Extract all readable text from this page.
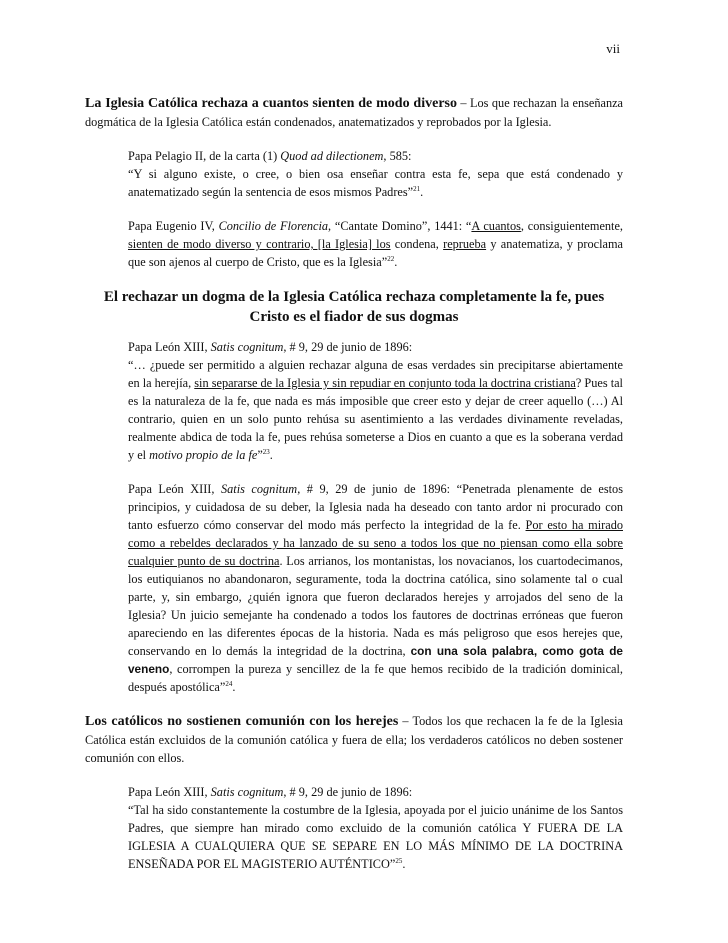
vii
La Iglesia Católica rechaza a cuantos sienten de modo diverso – Los que rechazan la enseñanza dogmática de la Iglesia Católica están condenados, anatematizados y reprobados por la Iglesia.
Papa Pelagio II, de la carta (1) Quod ad dilectionem, 585:
“Y si alguno existe, o cree, o bien osa enseñar contra esta fe, sepa que está condenado y anatematizado según la sentencia de esos mismos Padres”$^{21}$.
Papa Eugenio IV, Concilio de Florencia, “Cantate Domino”, 1441: “A cuantos, consiguientemente, sienten de modo diverso y contrario, [la Iglesia] los condena, reprueba y anatematiza, y proclama que son ajenos al cuerpo de Cristo, que es la Iglesia”$^{22}$.
El rechazar un dogma de la Iglesia Católica rechaza completamente la fe, pues
Cristo es el fiador de sus dogmas
Papa León XIII, Satis cognitum, # 9, 29 de junio de 1896:
“… ¿puede ser permitido a alguien rechazar alguna de esas verdades sin precipitarse abiertamente en la herejía, sin separarse de la Iglesia y sin repudiar en conjunto toda la doctrina cristiana? Pues tal es la naturaleza de la fe, que nada es más imposible que creer esto y dejar de creer aquello (…) Al contrario, quien en un solo punto rehúsa su asentimiento a las verdades divinamente reveladas, realmente abdica de toda la fe, pues rehúsa someterse a Dios en cuanto a que es la soberana verdad y el motivo propio de la fe”$^{23}$.
Papa León XIII, Satis cognitum, # 9, 29 de junio de 1896: “Penetrada plenamente de estos principios, y cuidadosa de su deber, la Iglesia nada ha deseado con tanto ardor ni procurado con tanto esfuerzo cómo conservar del modo más perfecto la integridad de la fe. Por esto ha mirado como a rebeldes declarados y ha lanzado de su seno a todos los que no piensan como ella sobre cualquier punto de su doctrina. Los arrianos, los montanistas, los novacianos, los cuartodecimanos, los eutiquianos no abandonaron, seguramente, toda la doctrina católica, sino solamente tal o cual parte, y, sin embargo, ¿quién ignora que fueron declarados herejes y arrojados del seno de la Iglesia? Un juicio semejante ha condenado a todos los fautores de doctrinas erróneas que fueron apareciendo en las diferentes épocas de la historia. Nada es más peligroso que esos herejes que, conservando en lo demás la integridad de la doctrina, con una sola palabra, como gota de veneno, corrompen la pureza y sencillez de la fe que hemos recibido de la tradición dominical, después apostólica”$^{24}$.
Los católicos no sostienen comunión con los herejes – Todos los que rechacen la fe de la Iglesia Católica están excluidos de la comunión católica y fuera de ella; los verdaderos católicos no deben sostener comunión con ellos.
Papa León XIII, Satis cognitum, # 9, 29 de junio de 1896:
“Tal ha sido constantemente la costumbre de la Iglesia, apoyada por el juicio unánime de los Santos Padres, que siempre han mirado como excluido de la comunión católica Y FUERA DE LA IGLESIA A CUALQUIERA QUE SE SEPARE EN LO MÁS MÍNIMO DE LA DOCTRINA ENSEÑADA POR EL MAGISTERIO AUTÉNTICO”$^{25}$.
